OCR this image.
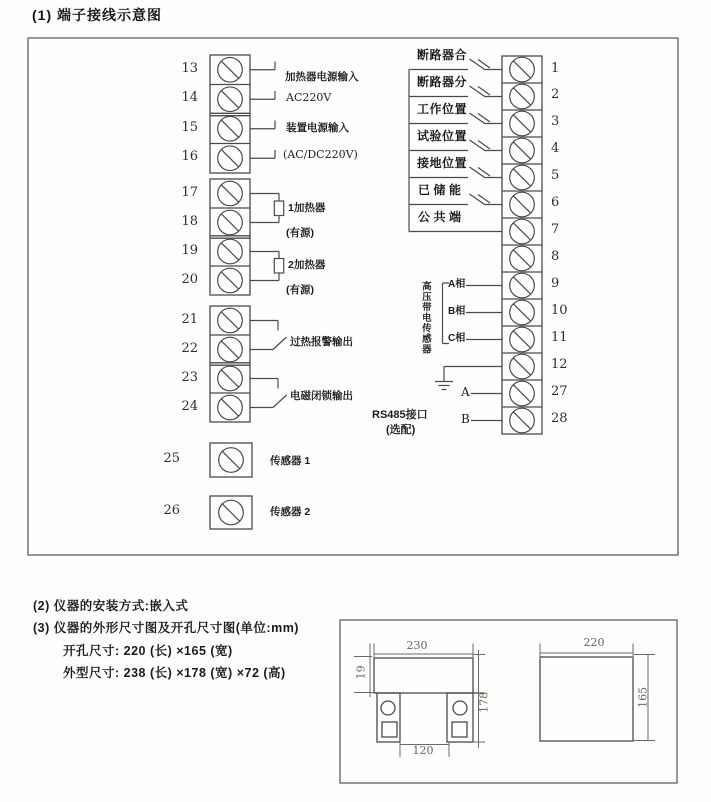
(1) 端子接线示意图
(2) 仪器的安装方式:嵌入式
(3) 仪器的外形尺寸图及开孔尺寸图(单位:mm)
开孔尺寸: 220 (长) ×165 (宽)
外型尺寸: 238 (长) ×178 (宽) ×72 (高)
13
14
15
16
17
18
19
20
21
22
23
24
25
26
加热器电源输入
AC220V
装置电源输入
(AC/DC220V)
1加热器
(有源)
2加热器
(有源)
过热报警输出
电磁闭锁输出
传感器 1
传感器 2
断路器合
断路器分
工作位置
试验位置
接地位置
已储能
公共端
高压带电传感器 A相
B相
C相
A
B
RS485接口
(选配)
1
2
3
4
5
6
7
8
9
10
11
12
27
28
230
19
178
120
220
165
